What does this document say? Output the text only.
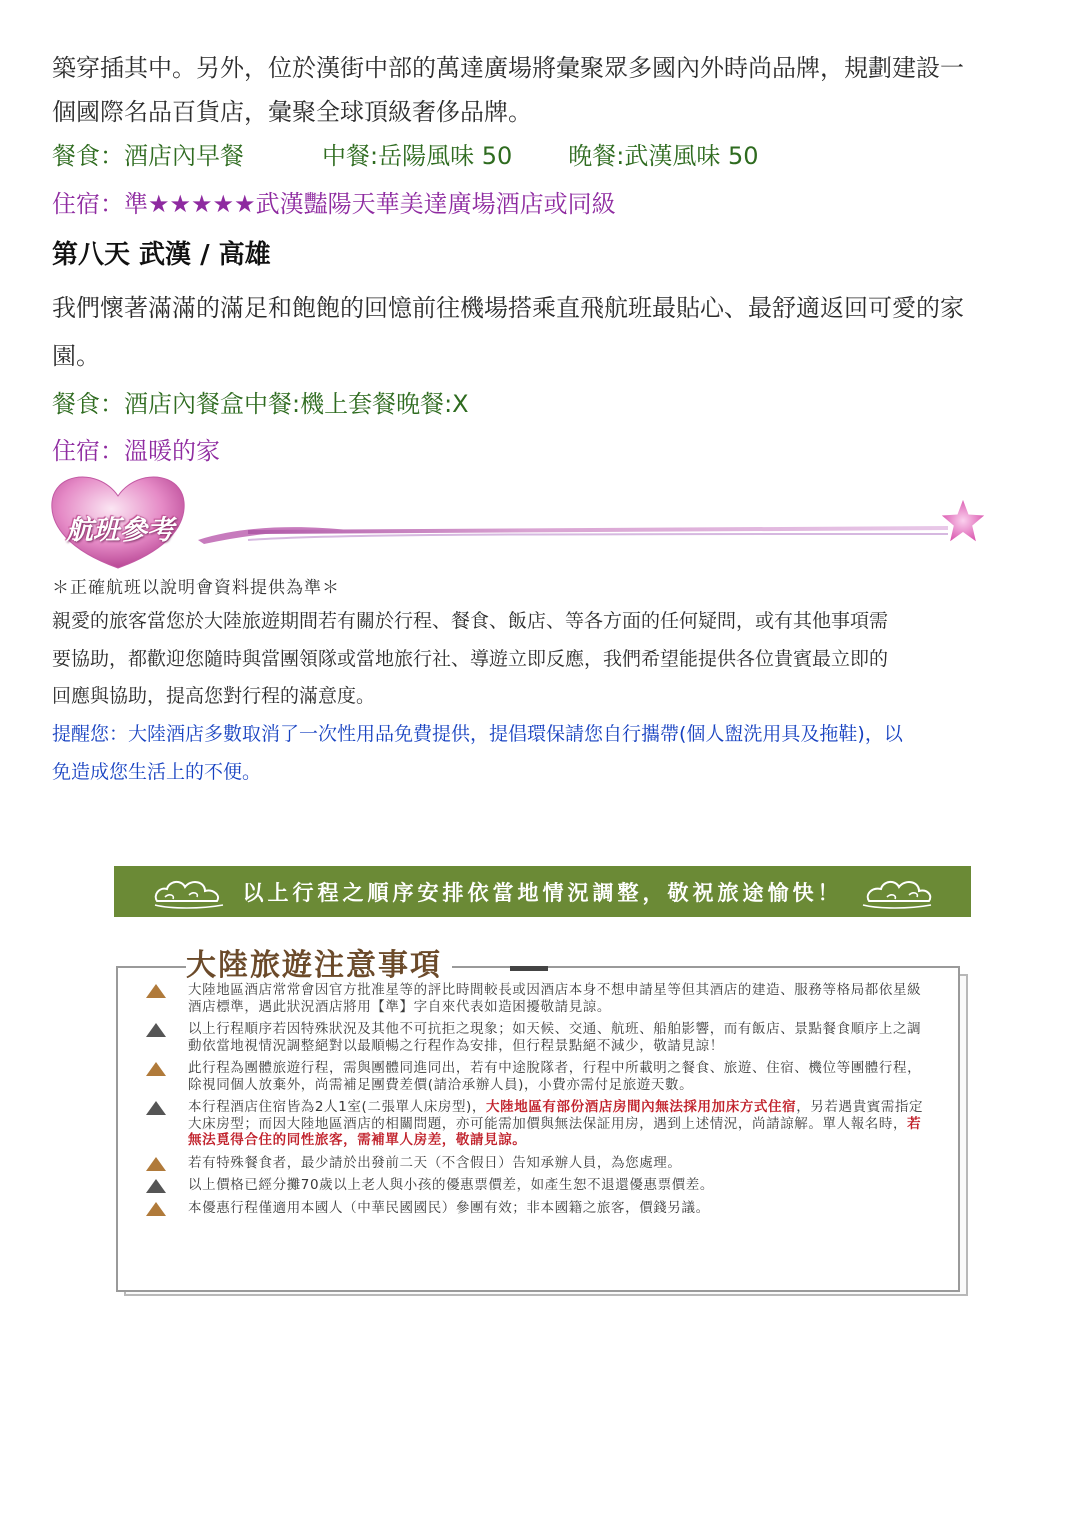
築穿插其中。另外，位於漢街中部的萬達廣場將彙聚眾多國內外時尚品牌，規劃建設一
個國際名品百貨店，彙聚全球頂級奢侈品牌。
餐食：酒店內早餐	中餐:岳陽風味 50 晚餐:武漢風味 50
住宿：準★★★★★武漢豔陽天華美達廣場酒店或同級
第八天 武漢 / 高雄
我們懷著滿滿的滿足和飽飽的回憶前往機場搭乘直飛航班最貼心、最舒適返回可愛的家
園。
餐食：酒店內餐盒中餐:機上套餐晚餐:X
住宿：溫暖的家
航班參考
＊正確航班以說明會資料提供為準＊
親愛的旅客當您於大陸旅遊期間若有關於行程、餐食、飯店、等各方面的任何疑問，或有其他事項需
要協助，都歡迎您隨時與當團領隊或當地旅行社、導遊立即反應，我們希望能提供各位貴賓最立即的
回應與協助，提高您對行程的滿意度。
提醒您：大陸酒店多數取消了一次性用品免費提供，提倡環保請您自行攜帶(個人盥洗用具及拖鞋)，以
免造成您生活上的不便。
以上行程之順序安排依當地情況調整，敬祝旅途愉快！
大陸旅遊注意事項
大陸地區酒店常常會因官方批准星等的評比時間較長或因酒店本身不想申請星等但其酒店的建造、服務等格局都依星級酒店標準，遇此狀況酒店將用【準】字自來代表如造困擾敬請見諒。
以上行程順序若因特殊狀況及其他不可抗拒之現象；如天候、交通、航班、船舶影響，而有飯店、景點餐食順序上之調動依當地視情況調整絕對以最順暢之行程作為安排，但行程景點絕不減少，敬請見諒！
此行程為團體旅遊行程，需與團體同進同出，若有中途脫隊者，行程中所載明之餐食、旅遊、住宿、機位等團體行程，除視同個人放棄外，尚需補足團費差價(請洽承辦人員)，小費亦需付足旅遊天數。
本行程酒店住宿皆為2人1室(二張單人床房型)，大陸地區有部份酒店房間內無法採用加床方式住宿，另若遇貴賓需指定大床房型；而因大陸地區酒店的相關問題，亦可能需加價與無法保証用房，遇到上述情況，尚請諒解。單人報名時，若無法覓得合住的同性旅客，需補單人房差，敬請見諒。
若有特殊餐食者，最少請於出發前二天（不含假日）告知承辦人員，為您處理。
以上價格已經分攤70歲以上老人與小孩的優惠票價差，如產生恕不退還優惠票價差。
本優惠行程僅適用本國人（中華民國國民）參團有效；非本國籍之旅客，價錢另議。
